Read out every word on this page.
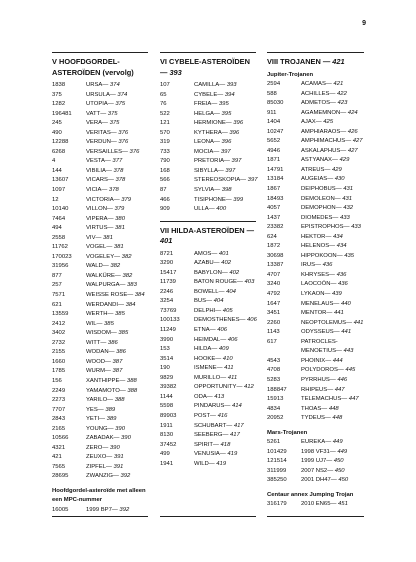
9
V HOOFDGORDEL-ASTEROÏDEN (vervolg)
1838	URSA — 374
375	URSULA — 374
1282	UTOPIA — 375
196481	VATT — 375
245	VERA — 375
490	VERITAS — 376
12288	VERDUN — 376
6268	VERSAILLES — 376
4	VESTA — 377
144	VIBILIA — 378
13607	VICARS — 378
1097	VICIA — 378
12	VICTORIA — 379
10140	VILLON — 379
7464	VIPERA — 380
494	VIRTUS — 381
2558	VIV — 381
11762	VOGEL — 381
170023	VOGELEY — 382
31956	WALD — 382
877	WALKÜRE — 382
257	WALPURGA — 383
7571	WEISSE ROSE — 384
621	WERDANDI — 384
13559	WERTH — 385
2412	WIL — 385
3402	WISDOM — 385
2732	WITT — 386
2155	WODAN — 386
1660	WOOD — 387
1785	WURM — 387
156	XANTHIPPE — 388
2249	YAMAMOTO — 388
2273	YARILO — 388
7707	YES — 389
2843	YETI — 389
2165	YOUNG — 390
10566	ZABADAK — 390
4321	ZERO — 390
421	ZEUXO — 391
7565	ZIPFEL — 391
28695	ZWANZIG — 392
Hoofdgordel-asteroïde met alleen een MPC-nummer
16005	1999 BP7 — 392
VI CYBELE-ASTEROÏDEN — 393
107	CAMILLA — 393
65	CYBELE — 394
76	FREIA — 395
522	HELGA — 395
121	HERMIONE — 396
570	KYTHERA — 396
319	LEONA — 396
733	MOCIA — 397
790	PRETORIA — 397
168	SIBYLLA — 397
566	STEREOSKOPIA — 397
87	SYLVIA — 398
466	TISIPHONE — 399
909	ULLA — 400
VII HILDA-ASTEROÏDEN — 401
8721	AMOS — 401
3290	AZABU — 402
15417	BABYLON — 402
11739	BATON ROUGE — 403
2246	BOWELL — 404
3254	BUS — 404
73769	DELPHI — 405
100133	DEMOSTHENES — 406
11249	ETNA — 406
3990	HEIMDAL — 406
153	HILDA — 409
3514	HOOKE — 410
190	ISMENE — 411
9829	MURILLO — 411
39382	OPPORTUNITY — 412
1144	ODA — 413
5598	PINDARUS — 414
89903	POST — 416
1911	SCHUBART — 417
8130	SEEBERG — 417
37452	SPIRIT — 418
499	VENUSIA — 419
1941	WILD — 419
VIII TROJANEN — 421
Jupiter-Trojanen
2594	ACAMAS — 421
588	ACHILLES — 422
85030	ADMETOS — 423
911	AGAMEMNON — 424
1404	AJAX — 425
10247	AMPHIARAOS — 426
5652	AMPHIMACHUS — 427
4946	ASKALAPHUS — 427
1871	ASTYANAX — 429
14791	ATREUS — 429
13184	AUGEIAS — 430
1867	DEIPHOBUS — 431
18493	DEMOLEON — 431
4057	DEMOPHON — 432
1437	DIOMEDES — 433
23382	EPISTROPHOS — 433
624	HEKTOR — 434
1872	HELENOS — 434
30698	HIPPOKOON — 435
13387	IRUS — 436
4707	KHRYSES — 436
3240	LAOCOÖN — 436
4792	LYKAON — 439
1647	MENELAUS — 440
3451	MENTOR — 441
2260	NEOPTOLEMUS — 441
1143	ODYSSEUS — 441
617	PATROCLES-
MENOETIUS — 443
4543	PHOINIX — 444
4708	POLYDOROS — 445
5283	PYRRHUS — 446
188847	RHIPEUS — 447
15913	TELEMACHUS — 447
4834	THOAS — 448
20952	TYDEUS — 448
Mars-Trojanen
5261	EUREKA — 449
101429	1998 VF31 — 449
121514	1999 UJ7 — 450
311999	2007 NS2 — 450
385250	2001 DH47 — 450
Centaur annex Jumping Trojan
316179	2010 EN65 — 451
